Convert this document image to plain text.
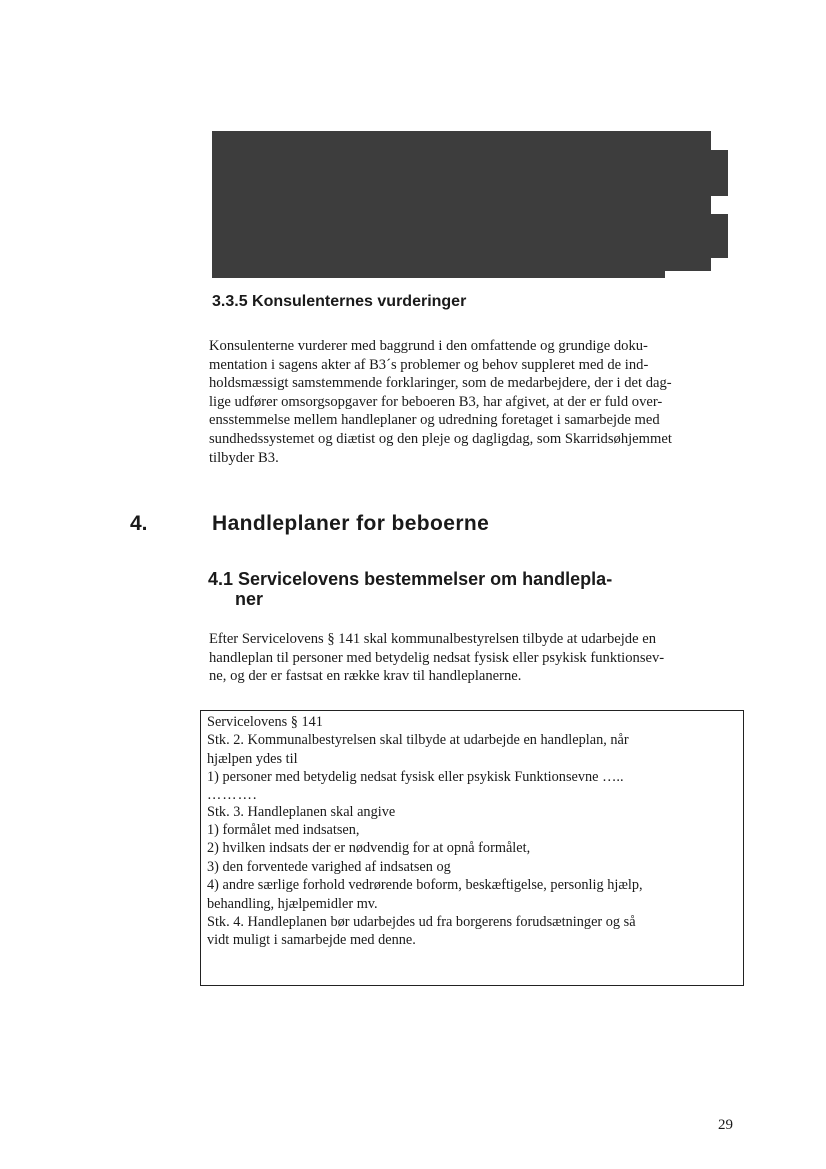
3.3.5 Konsulenternes vurderinger

Konsulenterne vurderer med baggrund i den omfattende og grundige doku-
mentation i sagens akter af B3´s problemer og behov suppleret med de ind-
holdsmæssigt samstemmende forklaringer, som de medarbejdere, der i det dag-
lige udfører omsorgsopgaver for beboeren B3, har afgivet, at der er fuld over-
ensstemmelse mellem handleplaner og udredning foretaget i samarbejde med
sundhedssystemet og diætist og den pleje og dagligdag, som Skarridsøhjemmet
tilbyder B3.

4.	Handleplaner for beboerne
4.1 Servicelovens bestemmelser om handlepla-
ner

Efter Servicelovens § 141 skal kommunalbestyrelsen tilbyde at udarbejde en
handleplan til personer med betydelig nedsat fysisk eller psykisk funktionsev-
ne, og der er fastsat en række krav til handleplanerne.

Servicelovens § 141
Stk. 2. Kommunalbestyrelsen skal tilbyde at udarbejde en handleplan, når
hjælpen ydes til
1) personer med betydelig nedsat fysisk eller psykisk Funktionsevne …..
……….
Stk. 3. Handleplanen skal angive
1) formålet med indsatsen,
2) hvilken indsats der er nødvendig for at opnå formålet,
3) den forventede varighed af indsatsen og
4) andre særlige forhold vedrørende boform, beskæftigelse, personlig hjælp,
behandling, hjælpemidler mv.
Stk. 4. Handleplanen bør udarbejdes ud fra borgerens forudsætninger og så
vidt muligt i samarbejde med denne.

29
